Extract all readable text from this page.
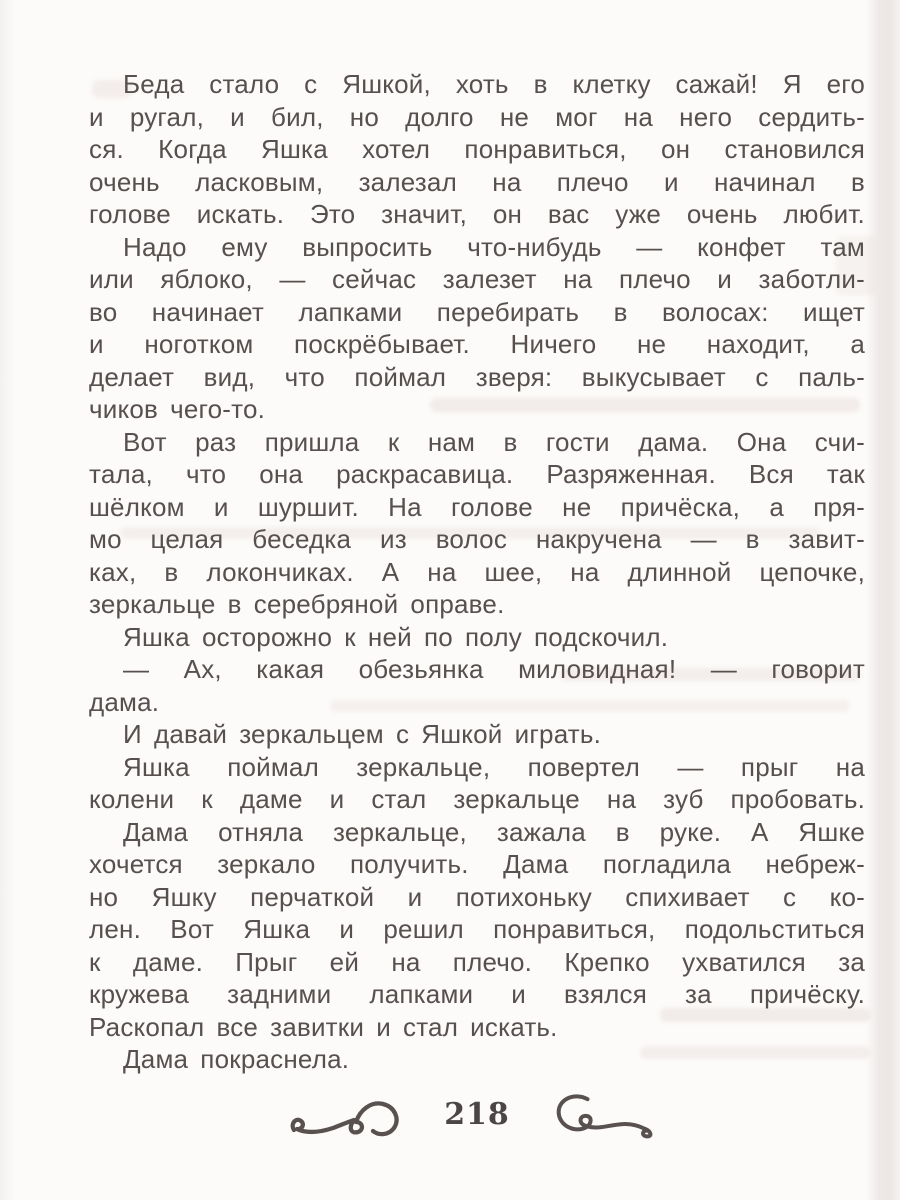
Беда стало с Яшкой, хоть в клетку сажай! Я его
и ругал, и бил, но долго не мог на него сердить-
ся. Когда Яшка хотел понравиться, он становился
очень ласковым, залезал на плечо и начинал в
голове искать. Это значит, он вас уже очень любит.
Надо ему выпросить что-нибудь — конфет там
или яблоко, — сейчас залезет на плечо и заботли-
во начинает лапками перебирать в волосах: ищет
и ноготком поскрёбывает. Ничего не находит, а
делает вид, что поймал зверя: выкусывает с паль-
чиков чего-то.
Вот раз пришла к нам в гости дама. Она счи-
тала, что она раскрасавица. Разряженная. Вся так
шёлком и шуршит. На голове не причёска, а пря-
мо целая беседка из волос накручена — в завит-
ках, в локончиках. А на шее, на длинной цепочке,
зеркальце в серебряной оправе.
Яшка осторожно к ней по полу подскочил.
— Ах, какая обезьянка миловидная! — говорит
дама.
И давай зеркальцем с Яшкой играть.
Яшка поймал зеркальце, повертел — прыг на
колени к даме и стал зеркальце на зуб пробовать.
Дама отняла зеркальце, зажала в руке. А Яшке
хочется зеркало получить. Дама погладила небреж-
но Яшку перчаткой и потихоньку спихивает с ко-
лен. Вот Яшка и решил понравиться, подольститься
к даме. Прыг ей на плечо. Крепко ухватился за
кружева задними лапками и взялся за причёску.
Раскопал все завитки и стал искать.
Дама покраснела.
218
